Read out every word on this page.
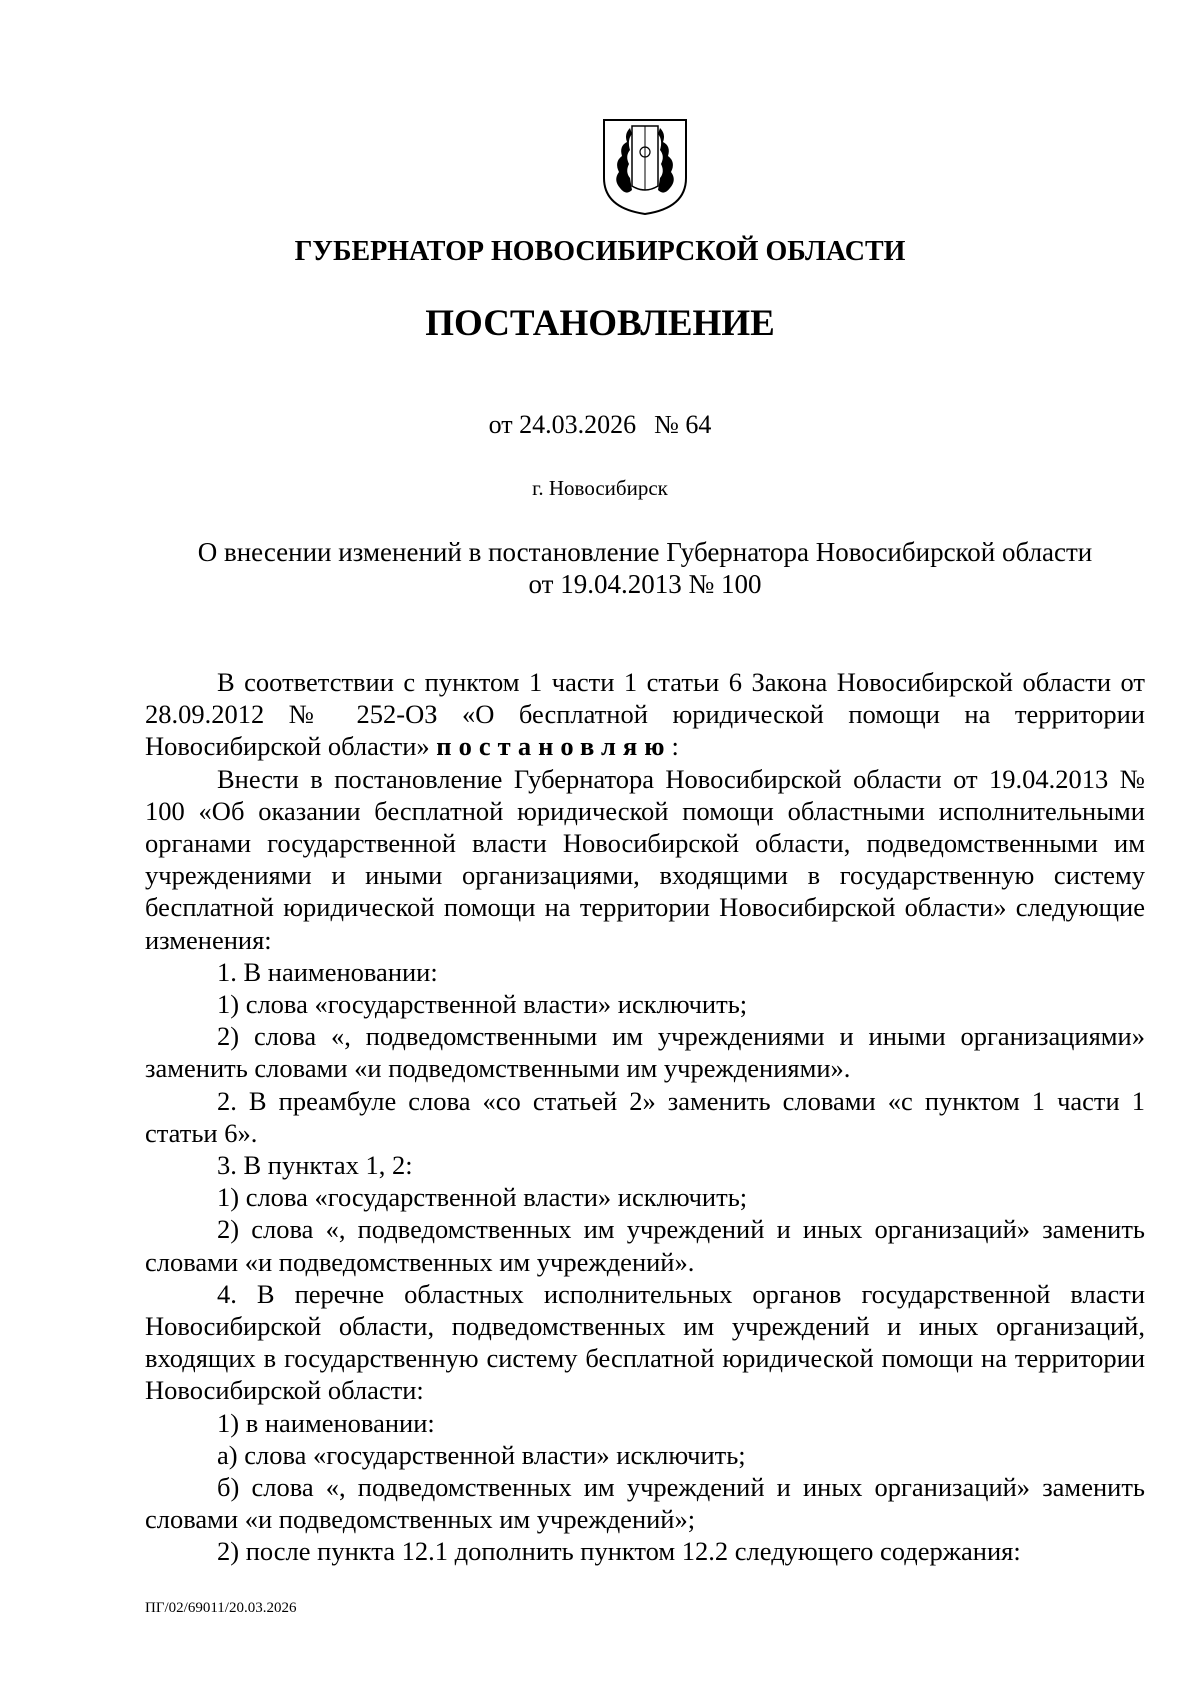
ГУБЕРНАТОР НОВОСИБИРСКОЙ ОБЛАСТИ
ПОСТАНОВЛЕНИЕ
от 24.03.2026 № 64
г. Новосибирск
О внесении изменений в постановление Губернатора Новосибирской области
от 19.04.2013 № 100

В соответствии с пунктом 1 части 1 статьи 6 Закона Новосибирской области от 28.09.2012 № 252-ОЗ «О бесплатной юридической помощи на территории Новосибирской области» постановляю:

Внести в постановление Губернатора Новосибирской области от 19.04.2013 № 100 «Об оказании бесплатной юридической помощи областными исполнительными органами государственной власти Новосибирской области, подведомственными им учреждениями и иными организациями, входящими в государственную систему бесплатной юридической помощи на территории Новосибирской области» следующие изменения:

1. В наименовании:

1) слова «государственной власти» исключить;

2) слова «, подведомственными им учреждениями и иными организациями» заменить словами «и подведомственными им учреждениями».

2. В преамбуле слова «со статьей 2» заменить словами «с пунктом 1 части 1 статьи 6».

3. В пунктах 1, 2:

1) слова «государственной власти» исключить;

2) слова «, подведомственных им учреждений и иных организаций» заменить словами «и подведомственных им учреждений».

4. В перечне областных исполнительных органов государственной власти Новосибирской области, подведомственных им учреждений и иных организаций, входящих в государственную систему бесплатной юридической помощи на территории Новосибирской области:

1) в наименовании:

а) слова «государственной власти» исключить;

б) слова «, подведомственных им учреждений и иных организаций» заменить словами «и подведомственных им учреждений»;

2) после пункта 12.1 дополнить пунктом 12.2 следующего содержания:

ПГ/02/69011/20.03.2026
